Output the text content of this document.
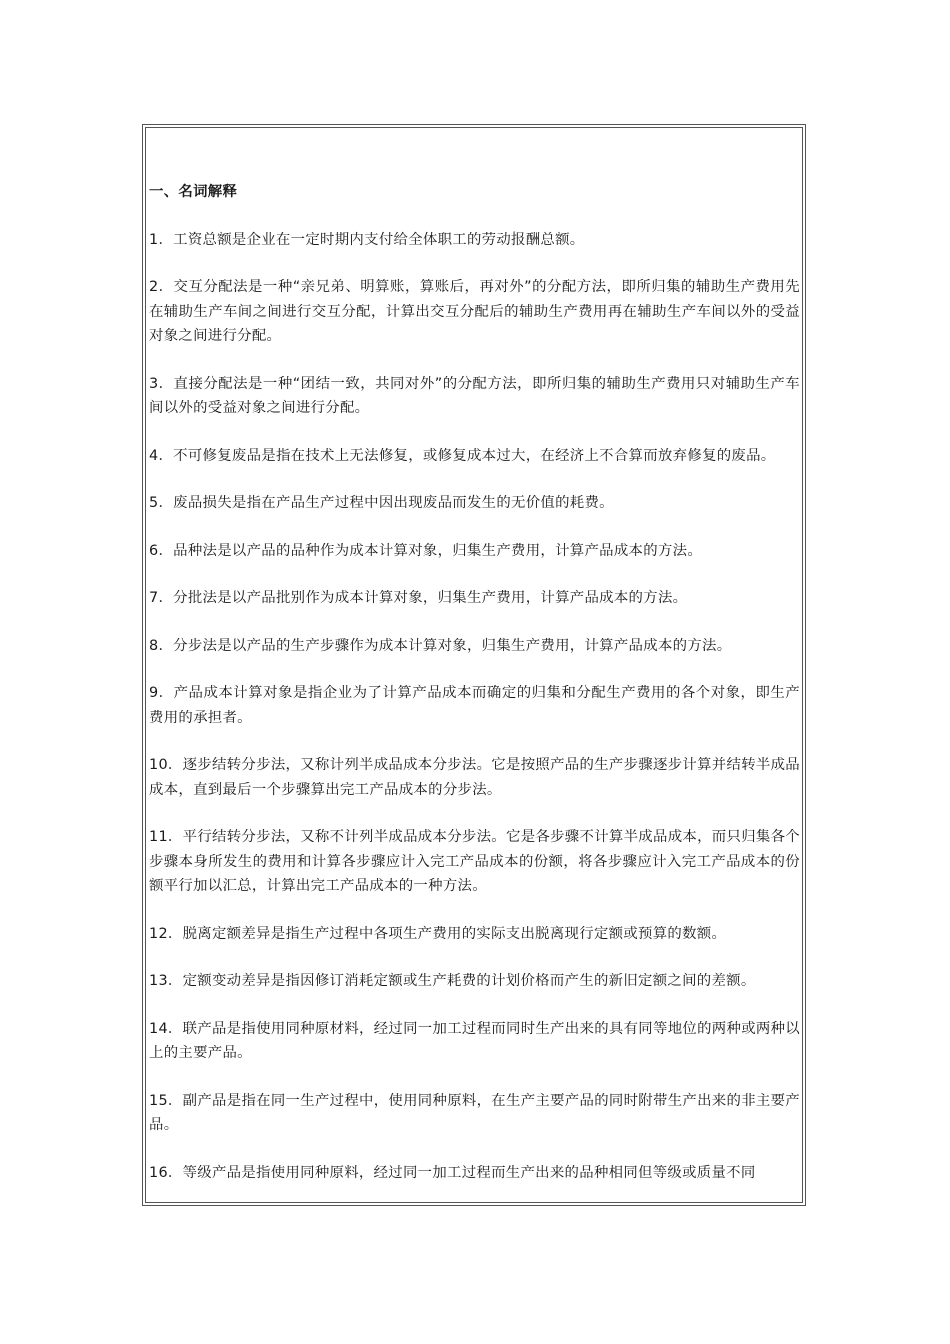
一、名词解释

1．工资总额是企业在一定时期内支付给全体职工的劳动报酬总额。

2．交互分配法是一种“亲兄弟、明算账，算账后，再对外”的分配方法，即所归集的辅助生产费用先在辅助生产车间之间进行交互分配，计算出交互分配后的辅助生产费用再在辅助生产车间以外的受益对象之间进行分配。

3．直接分配法是一种“团结一致，共同对外”的分配方法，即所归集的辅助生产费用只对辅助生产车间以外的受益对象之间进行分配。

4．不可修复废品是指在技术上无法修复，或修复成本过大，在经济上不合算而放弃修复的废品。

5．废品损失是指在产品生产过程中因出现废品而发生的无价值的耗费。

6．品种法是以产品的品种作为成本计算对象，归集生产费用，计算产品成本的方法。

7．分批法是以产品批别作为成本计算对象，归集生产费用，计算产品成本的方法。

8．分步法是以产品的生产步骤作为成本计算对象，归集生产费用，计算产品成本的方法。

9．产品成本计算对象是指企业为了计算产品成本而确定的归集和分配生产费用的各个对象，即生产费用的承担者。

10．逐步结转分步法，又称计列半成品成本分步法。它是按照产品的生产步骤逐步计算并结转半成品成本，直到最后一个步骤算出完工产品成本的分步法。

11．平行结转分步法，又称不计列半成品成本分步法。它是各步骤不计算半成品成本，而只归集各个步骤本身所发生的费用和计算各步骤应计入完工产品成本的份额，将各步骤应计入完工产品成本的份额平行加以汇总，计算出完工产品成本的一种方法。

12．脱离定额差异是指生产过程中各项生产费用的实际支出脱离现行定额或预算的数额。

13．定额变动差异是指因修订消耗定额或生产耗费的计划价格而产生的新旧定额之间的差额。

14．联产品是指使用同种原材料，经过同一加工过程而同时生产出来的具有同等地位的两种或两种以上的主要产品。

15．副产品是指在同一生产过程中，使用同种原料，在生产主要产品的同时附带生产出来的非主要产品。

16．等级产品是指使用同种原料，经过同一加工过程而生产出来的品种相同但等级或质量不同
